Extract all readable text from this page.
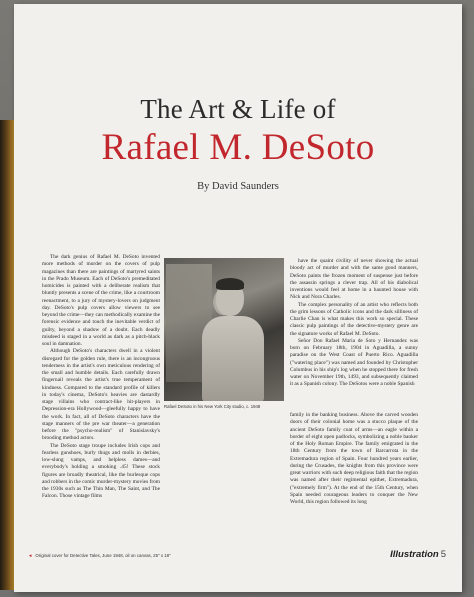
The Art & Life of
Rafael M. DeSoto
By David Saunders

The dark genius of Rafael M. DeSoto invented more methods of murder on the covers of pulp magazines than there are paintings of martyred saints in the Prado Museum. Each of DeSoto's premeditated homicides is painted with a deliberate realism that bluntly presents a scene of the crime, like a courtroom reenactment, to a jury of mystery-lovers on judgment day. DeSoto's pulp covers allow viewers to see beyond the crime—they can methodically examine the forensic evidence and touch the inevitable verdict of guilty, beyond a shadow of a doubt. Each deadly misdeed is staged in a world as dark as a pitch-black soul in damnation.

Although DeSoto's characters dwell in a violent disregard for the golden rule, there is an incongruous tenderness in the artist's own meticulous rendering of the small and humble details. Each carefully drawn fingernail reveals the artist's true temperament of kindness. Compared to the standard profile of killers in today's cinema, DeSoto's heavies are dastardly stage villains who contract-like hit-players in Depression-era Hollywood—gleefully happy to have the work. In fact, all of DeSoto characters have the stage manners of the pre war theater—a generation before the "psycho-realism" of Stanislavsky's brooding method actors.

The DeSoto stage troupe includes Irish cops and fearless gunshoes, burly thugs and molls in derbies, low-slung vamps, and helpless dames—and everybody's holding a smoking .45! These stock figures are broadly theatrical, like the burlesque cops and robbers in the comic murder-mystery movies from the 1930s such as The Thin Man, The Saint, and The Falcon. Those vintage films

Rafael DeSoto in his New York City studio, c. 1948

have the quaint civility of never showing the actual bloody act of murder and with the same good manners, DeSoto paints the frozen moment of suspense just before the assassin springs a clever trap. All of his diabolical inventions would feel at home in a haunted house with Nick and Nora Charles.

The complex personality of an artist who reflects both the grim lessons of Catholic icons and the dark silliness of Charlie Chan is what makes this work so special. These classic pulp paintings of the detective-mystery genre are the signature works of Rafael M. DeSoto.

Señor Don Rafael Maria de Soto y Hernandez was born on February 18th, 1904 in Aguadilla, a sunny paradise on the West Coast of Puerto Rico. Aguadilla ("watering place") was named and founded by Christopher Columbus in his ship's log when he stopped there for fresh water on November 19th, 1493, and subsequently claimed it as a Spanish colony. The DeSotos were a noble Spanish

family in the banking business. Above the carved wooden doors of their colonial home was a stucco plaque of the ancient DeSoto family coat of arms—an eagle within a border of eight open padlocks, symbolizing a noble banker of the Holy Roman Empire. The family emigrated in the 18th Century from the town of Barcarrota in the Extremadura region of Spain. Four hundred years earlier, during the Crusades, the knights from this province were great warriors with such deep religious faith that the region was named after their regimental epithet, Extremadura, ("extremely firm"). At the end of the 15th Century, when Spain needed courageous leaders to conquer the New World, this region followed its long
◄ Original cover for Detective Tales, June 1948, oil on canvas, 25" x 18"	Illustration 5
